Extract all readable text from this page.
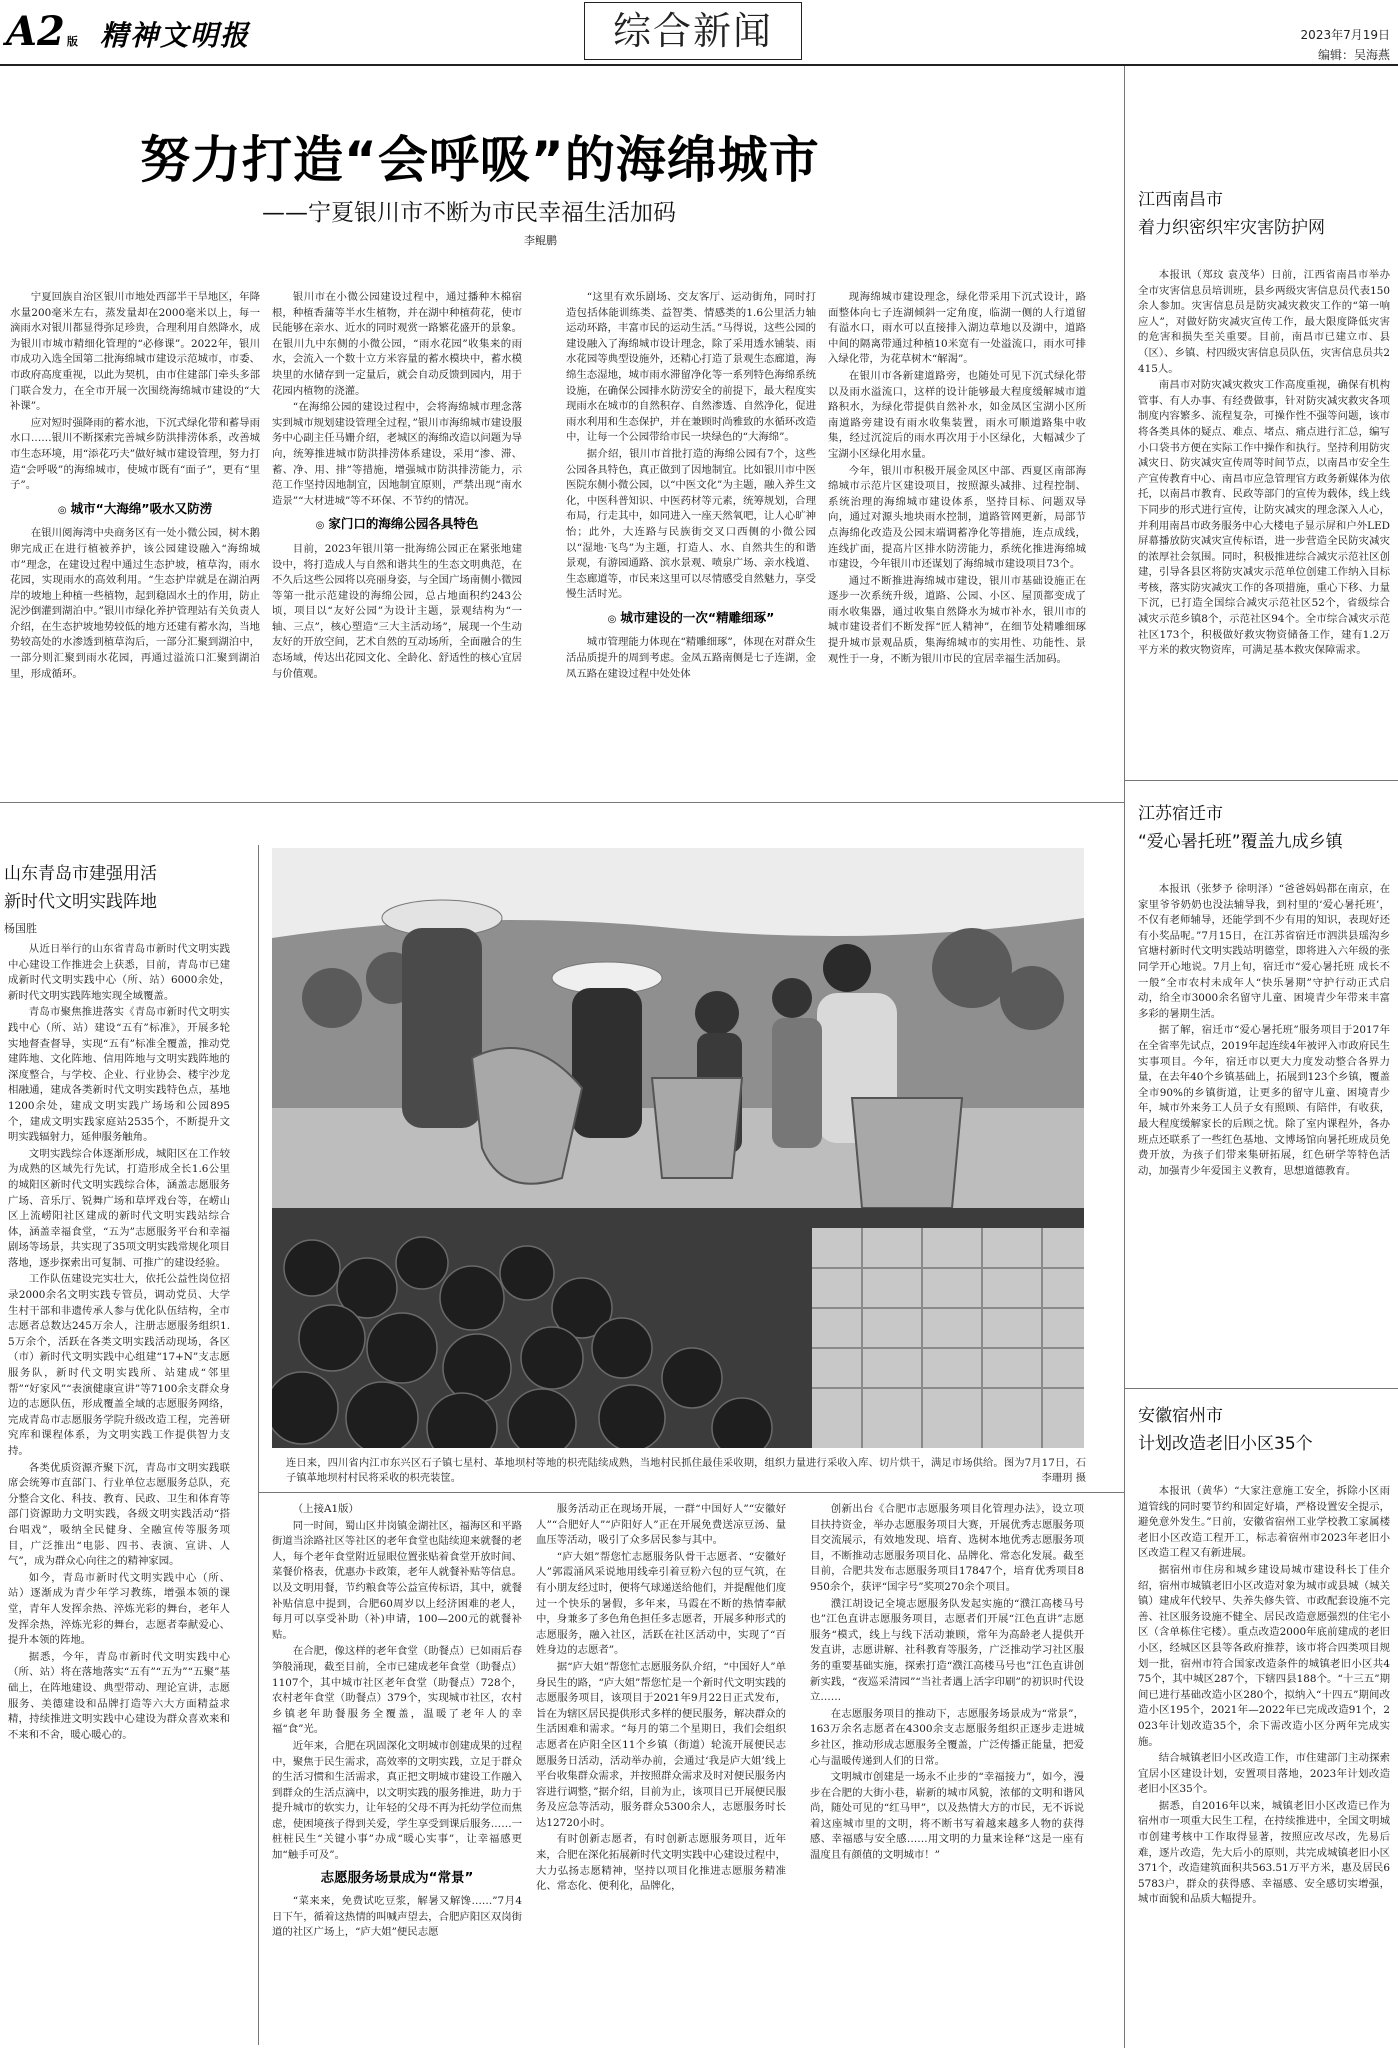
A2 版 精神文明报	综合新闻	2023年7月19日
编辑：吴海燕
努力打造“会呼吸”的海绵城市
——宁夏银川市不断为市民幸福生活加码
李鲲鹏

宁夏回族自治区银川市地处西部半干旱地区，年降水量200毫米左右，蒸发量却在2000毫米以上，每一滴雨水对银川都显得弥足珍贵，合理利用自然降水，成为银川市城市精细化管理的“必修课”。2022年，银川市成功入选全国第二批海绵城市建设示范城市，市委、市政府高度重视，以此为契机，由市住建部门牵头多部门联合发力，在全市开展一次围绕海绵城市建设的“大补课”。

应对短时强降雨的蓄水池，下沉式绿化带和蓄导雨水口……银川不断探索完善城乡防洪排涝体系，改善城市生态环境，用“添花巧夫”做好城市建设管理，努力打造“会呼吸”的海绵城市，使城市既有“面子”，更有“里子”。

◎ 城市“大海绵”吸水又防涝

在银川阅海湾中央商务区有一处小微公园，树木鹅卵完成正在进行植被养护，该公园建设融入“海绵城市”理念，在建设过程中通过生态护坡，植草沟，雨水花园，实现雨水的高效利用。“生态护岸就是在湖泊两岸的坡地上种植一些植物，起到稳固水土的作用，防止泥沙倒灌到湖泊中。”银川市绿化养护管理站有关负责人介绍，在生态护坡地势较低的地方还建有蓄水沟，当地势较高处的水渗透到植草沟后，一部分汇聚到湖泊中，一部分则汇聚到雨水花园，再通过溢流口汇聚到湖泊里，形成循环。

银川市在小微公园建设过程中，通过播种木棉宿根，种植香蒲等半水生植物，并在湖中种植荷花，使市民能够在亲水、近水的同时观赏一路繁花盛开的景象。在银川九中东侧的小微公园，“雨水花园”收集来的雨水，会流入一个数十立方米容量的蓄水模块中，蓄水模块里的水储存到一定量后，就会自动反馈到园内，用于花园内植物的浇灌。

“在海绵公园的建设过程中，会将海绵城市理念落实到城市规划建设管理全过程，”银川市海绵城市建设服务中心副主任马姗介绍，老城区的海绵改造以问题为导向，统筹推进城市防洪排涝体系建设，采用“渗、滞、蓄、净、用、排”等措施，增强城市防洪排涝能力，示范工作坚持因地制宜，因地制宜原则，严禁出现“南水造景”“大材进城”等不环保、不节约的情况。

◎ 家门口的海绵公园各具特色

目前，2023年银川第一批海绵公园正在紧张地建设中，将打造成人与自然和谐共生的生态文明典范，在不久后这些公园将以亮丽身姿，与全国广场南侧小微园等第一批示范建设的海绵公园，总占地面积约243公顷，项目以“友好公园”为设计主题，景观结构为“一轴、三点”，核心塑造“三大主活动场”，展现一个生动友好的开放空间，艺术自然的互动场所，全面融合的生态场域，传达出花园文化、全龄化、舒适性的核心宜居与价值观。

“这里有欢乐剧场、交友客厅、运动街角，同时打造包括体能训练类、益智类、情感类的1.6公里活力轴运动环路，丰富市民的运动生活。”马得说，这些公园的建设融入了海绵城市设计理念，除了采用透水铺装、雨水花园等典型设施外，还精心打造了景观生态廊道，海绵生态湿地，城市雨水滞留净化等一系列特色海绵系统设施，在确保公园排水防涝安全的前提下，最大程度实现雨水在城市的自然积存、自然渗透、自然净化，促进雨水利用和生态保护，并在兼顾时尚雅致的水循环改造中，让每一个公园带给市民一块绿色的“大海绵”。

据介绍，银川市首批打造的海绵公园有7个，这些公园各具特色，真正做到了因地制宜。比如银川市中医医院东侧小微公园，以“中医文化”为主题，融入养生文化，中医科普知识、中医药材等元素，统筹规划，合理布局，行走其中，如同进入一座天然氧吧，让人心旷神怡；此外，大连路与民族街交叉口西侧的小微公园以“湿地·飞鸟”为主题，打造人、水、自然共生的和谐景观，有游园通路、滨水景观、喷泉广场、亲水栈道、生态廊道等，市民来这里可以尽情感受自然魅力，享受慢生活时光。

◎ 城市建设的一次“精雕细琢”

城市管理能力体现在“精雕细琢”，体现在对群众生活品质提升的周到考虑。金凤五路南侧是七子连湖，金凤五路在建设过程中处处体

现海绵城市建设理念，绿化带采用下沉式设计，路面整体向七子连湖倾斜一定角度，临湖一侧的人行道留有溢水口，雨水可以直接排入湖边草地以及湖中，道路中间的隔离带通过种植10米宽有一处溢流口，雨水可排入绿化带，为花草树木“解渴”。

在银川市各新建道路旁，也随处可见下沉式绿化带以及雨水溢流口，这样的设计能够最大程度缓解城市道路积水，为绿化带提供自然补水，如金凤区宝湖小区所南道路旁建设有雨水收集装置，雨水可顺道路集中收集，经过沉淀后的雨水再次用于小区绿化，大幅减少了宝湖小区绿化用水量。

今年，银川市积极开展金凤区中部、西夏区南部海绵城市示范片区建设项目，按照源头减排、过程控制、系统治理的海绵城市建设体系，坚持目标、问题双导向，通过对源头地块雨水控制，道路管网更新，局部节点海绵化改造及公园末端调蓄净化等措施，连点成线，连线扩面，提高片区排水防涝能力，系统化推进海绵城市建设，今年银川市还谋划了海绵城市建设项目73个。

通过不断推进海绵城市建设，银川市基础设施正在逐步一次系统升级，道路、公园、小区、屋顶都变成了雨水收集器，通过收集自然降水为城市补水，银川市的城市建设者们不断发挥“匠人精神”，在细节处精雕细琢提升城市景观品质，集海绵城市的实用性、功能性、景观性于一身，不断为银川市民的宜居幸福生活加码。

山东青岛市建强用活
新时代文明实践阵地
杨国胜

从近日举行的山东省青岛市新时代文明实践中心建设工作推进会上获悉，目前，青岛市已建成新时代文明实践中心（所、站）6000余处，新时代文明实践阵地实现全域覆盖。

青岛市聚焦推进落实《青岛市新时代文明实践中心（所、站）建设“五有”标准》，开展多轮实地督查督导，实现“五有”标准全覆盖，推动党建阵地、文化阵地、信用阵地与文明实践阵地的深度整合，与学校、企业、行业协会、楼宇沙龙相融通，建成各类新时代文明实践特色点，基地1200余处，建成文明实践广场场和公园895个，建成文明实践家庭站2535个，不断提升文明实践辐射力，延伸服务触角。

文明实践综合体逐渐形成，城阳区在工作较为成熟的区域先行先试，打造形成全长1.6公里的城阳区新时代文明实践综合体，涵盖志愿服务广场、音乐厅、锐舞广场和草坪戏台等，在崂山区上流崂阳社区建成的新时代文明实践站综合体，涵盖幸福食堂，“五为”志愿服务平台和幸福剧场等场景，共实现了35项文明实践常规化项目落地，逐步探索出可复制、可推广的建设经验。

工作队伍建设完实壮大，依托公益性岗位招录2000余名文明实践专管员，调动党员、大学生村干部和非遗传承人参与优化队伍结构，全市志愿者总数达245万余人，注册志愿服务组织1.5万余个，活跃在各类文明实践活动现场，各区（市）新时代文明实践中心组建“17+N”支志愿服务队，新时代文明实践所、站建成“邻里帮”“好家风”“表演健康宣讲”等7100余支群众身边的志愿队伍，形成覆盖全域的志愿服务网络，完成青岛市志愿服务学院升级改造工程，完善研究库和课程体系，为文明实践工作提供智力支持。

各类优质资源齐聚下沉，青岛市文明实践联席会统筹市直部门、行业单位志愿服务总队，充分整合文化、科技、教育、民政、卫生和体育等部门资源助力文明实践，各级文明实践活动“搭台唱戏”，吸纳全民健身、全融宣传等服务项目，广泛推出“电影、四书、表演、宣讲、人气”，成为群众心向往之的精神家园。

如今，青岛市新时代文明实践中心（所、站）逐渐成为青少年学习教练，增强本领的课堂，青年人发挥余热、淬炼光彩的舞台，老年人发挥余热，淬炼光彩的舞台，志愿者奉献爱心、提升本领的阵地。

据悉，今年，青岛市新时代文明实践中心（所、站）将在落地落实“五有”“五为”“五聚”基础上，在阵地建设、典型带动、理论宣讲，志愿服务、美德建设和品牌打造等六大方面精益求精，持续推进文明实践中心建设为群众喜欢来和不来和不舍，暖心暖心的。

连日来，四川省内江市东兴区石子镇七星村、革地坝村等地的枳壳陆续成熟，当地村民抓住最佳采收期，组织力量进行采收入库、切片烘干，满足市场供给。图为7月17日，石子镇革地坝村村民将采收的枳壳装筐。	李珊玥 摄

（上接A1版）

同一时间，蜀山区井岗镇金湖社区，福海区和平路街道当涂路社区等社区的老年食堂也陆续迎来就餐的老人，每个老年食堂附近显眼位置张贴着食堂开放时间、菜餐价格表，优惠办卡政策，老年人就餐补贴等信息。以及文明用餐，节约粮食等公益宣传标语，其中，就餐补贴信息中提到，合肥60周岁以上经济困难的老人，每月可以享受补助（补)申请，100—200元的就餐补贴。

在合肥，像这样的老年食堂（助餐点）已如雨后春笋般涌现，截至目前，全市已建成老年食堂（助餐点）1107个，其中城市社区老年食堂（助餐点）728个，农村老年食堂（助餐点）379个，实现城市社区，农村乡镇老年助餐服务全覆盖，温暖了老年人的幸福“食”光。

近年来，合肥在巩固深化文明城市创建成果的过程中，聚焦于民生需求，高效率的文明实践，立足于群众的生活习惯和生活需求，真正把文明城市建设工作融入到群众的生活点滴中，以文明实践的服务推进，助力于提升城市的软实力，让年轻的父母不再为托幼学位而焦虑，使困境孩子得到关爱，学生享受到课后服务……一桩桩民生“关键小事”办成“暖心实事”，让幸福感更加“触手可及”。

志愿服务场景成为“常景”

“菜来来，免费试吃豆浆，解暑又解馋……”7月4日下午，循着这热情的叫喊声望去，合肥庐阳区双岗街道的社区广场上，“庐大姐”便民志愿

服务活动正在现场开展，一群“中国好人”“安徽好人”“合肥好人”“庐阳好人”正在开展免费送凉豆汤、量血压等活动，吸引了众多居民参与其中。

“庐大姐”帮您忙志愿服务队骨干志愿者、“安徽好人”郭霞涌风采说地用线牵引着豆粉六包的豆气筑，在有小朋友经过时，便将气球递送给他们，并提醒他们度过一个快乐的暑假，多年来，马霞在不断的热情奉献中，身兼多了多色角色担任多志愿者，开展多种形式的志愿服务，融入社区，活跃在社区活动中，实现了“百姓身边的志愿者”。

据“庐大姐”帮您忙志愿服务队介绍，“中国好人”单身民生的路，“庐大姐”帮您忙是一个新时代文明实践的志愿服务项目，该项目于2021年9月22日正式发布，旨在为辖区居民提供形式多样的便民服务，解决群众的生活困难和需求。“每月的第二个星期日，我们会组织志愿者在庐阳全区11个乡镇（街道）轮流开展便民志愿服务日活动，活动举办前，会通过‘我是庐大姐’线上平台收集群众需求，并按照群众需求及时对便民服务内容进行调整，”据介绍，目前为止，该项目已开展便民服务及应急等活动，服务群众5300余人，志愿服务时长达12720小时。

有时创新志愿者，有时创新志愿服务项目，近年来，合肥在深化拓展新时代文明实践中心建设过程中，大力弘扬志愿精神，坚持以项目化推进志愿服务精准化、常态化、便利化，品牌化，

创新出台《合肥市志愿服务项目化管理办法》，设立项目扶持资金，举办志愿服务项目大赛，开展优秀志愿服务项目交流展示，有效地发现、培育、选树本地优秀志愿服务项目，不断推动志愿服务项目化、品牌化、常态化发展。截至目前，合肥共发布志愿服务项目17847个，培育优秀项目8950余个，获评“国字号”奖项270余个项目。

濮江胡设记全境志愿服务队发起实施的“濮江高楼马号也”江色直讲志愿服务项目，志愿者们开展“江色直讲”志愿服务“模式，线上与线下活动兼顾，常年为高龄老人提供开发直讲，志愿讲解、社科教育等服务，广泛推动学习社区服务的重要基础实施，探索打造“濮江高楼马号也”江色直讲创新实践，“夜巡采清园”“当社者遇上活字印刷”的初识时代设立……

在志愿服务项目的推动下，志愿服务场景成为“常景”，163万余名志愿者在4300余支志愿服务组织正逐步走进城乡社区，推动形成志愿服务全覆盖，广泛传播正能量，把爱心与温暖传递到人们的日常。

文明城市创建是一场永不止步的“幸福接力”，如今，漫步在合肥的大街小巷，崭新的城市风貌，浓郁的文明和谐风尚，随处可见的“红马甲”，以及热情大方的市民，无不诉说着这座城市里的文明，将不断书写着越来越多人物的获得感、幸福感与安全感……用文明的力量来诠释“这是一座有温度且有颜值的文明城市！”

江西南昌市
着力织密织牢灾害防护网

本报讯（郑玟 袁茂华）日前，江西省南昌市举办全市灾害信息员培训班，县乡两级灾害信息员代表150余人参加。灾害信息员是防灾减灾救灾工作的“第一响应人”，对做好防灾减灾宣传工作，最大限度降低灾害的危害和损失至关重要。目前，南昌市已建立市、县（区）、乡镇、村四级灾害信息员队伍，灾害信息员共2415人。

南昌市对防灾减灾救灾工作高度重视，确保有机构管事、有人办事、有经费做事，针对防灾减灾救灾各项制度内容繁多、流程复杂，可操作性不强等问题，该市将各类具体的疑点、难点、堵点、痛点进行汇总，编写小口袋书方便在实际工作中操作和执行。坚持利用防灾减灾日、防灾减灾宣传周等时间节点，以南昌市安全生产宣传教育中心、南昌市应急管理官方政务新媒体为依托，以南昌市教育、民政等部门的宣传为载体，线上线下同步的形式进行宣传，让防灾减灾的理念深入人心，并利用南昌市政务服务中心大楼电子显示屏和户外LED屏幕播放防灾减灾宣传标语，进一步营造全民防灾减灾的浓厚社会氛围。同时，积极推进综合减灾示范社区创建，引导各县区将防灾减灾示范单位创建工作纳入目标考核，落实防灾减灾工作的各项措施，重心下移、力量下沉，已打造全国综合减灾示范社区52个，省级综合减灾示范乡镇8个，示范社区94个。全市综合减灾示范社区173个，积极做好救灾物资储备工作，建有1.2万平方米的救灾物资库，可满足基本救灾保障需求。

江苏宿迁市
“爱心暑托班”覆盖九成乡镇

本报讯（张梦予 徐明泽）“爸爸妈妈都在南京，在家里爷爷奶奶也没法辅导我，到村里的‘爱心暑托班’，不仅有老师辅导，还能学到不少有用的知识，表现好还有小奖品呢。”7月15日，在江苏省宿迁市泗洪县瑶沟乡官塘村新时代文明实践站明德堂，即将进入六年级的张同学开心地说。7月上旬，宿迁市“爱心暑托班 成长不一般”全市农村未成年人“快乐暑期”守护行动正式启动，给全市3000余名留守儿童、困境青少年带来丰富多彩的暑期生活。

据了解，宿迁市“爱心暑托班”服务项目于2017年在全省率先试点，2019年起连续4年被评入市政府民生实事项目。今年，宿迁市以更大力度发动整合各界力量，在去年40个乡镇基础上，拓展到123个乡镇，覆盖全市90%的乡镇街道，让更多的留守儿童、困境青少年，城市外来务工人员子女有照顾、有陪伴，有收获，最大程度缓解家长的后顾之忧。除了室内课程外，各办班点还联系了一些红色基地、文博场馆向暑托班成员免费开放，为孩子们带来集研拓展，红色研学等特色活动，加强青少年爱国主义教育，思想道德教育。

安徽宿州市
计划改造老旧小区35个

本报讯（黄华）“大家注意施工安全，拆除小区雨道管线的同时要节约和固定好墙，严格设置安全提示，避免意外发生。”日前，安徽省宿州工业学校教工家属楼老旧小区改造工程开工，标志着宿州市2023年老旧小区改造工程又有新进展。

据宿州市住房和城乡建设局城市建设科长丁佳介绍，宿州市城镇老旧小区改造对象为城市或县城（城关镇）建成年代较早、失养失修失管、市政配套设施不完善、社区服务设施不健全、居民改造意愿强烈的住宅小区（含单栋住宅楼）。重点改造2000年底前建成的老旧小区，经城区区县等各政府推荐，该市将合四类项目规划一批，宿州市符合国家改造条件的城镇老旧小区共475个，其中城区287个，下辖四县188个。“十三五”期间已进行基础改造小区280个，拟纳入“十四五”期间改造小区195个，2021年—2022年已完成改造91个，2023年计划改造35个，余下需改造小区分两年完成实施。

结合城镇老旧小区改造工作，市住建部门主动探索宜居小区建设计划，安置项目落地，2023年计划改造老旧小区35个。

据悉，自2016年以来，城镇老旧小区改造已作为宿州市一项重大民生工程，在持续推进中，全国文明城市创建考核中工作取得显著，按照应改尽改，先易后难，逐片改造，先大后小的原则，共完成城镇老旧小区371个，改造建筑面积共563.51万平方米，惠及居民65783户，群众的获得感、幸福感、安全感切实增强，城市面貌和品质大幅提升。
